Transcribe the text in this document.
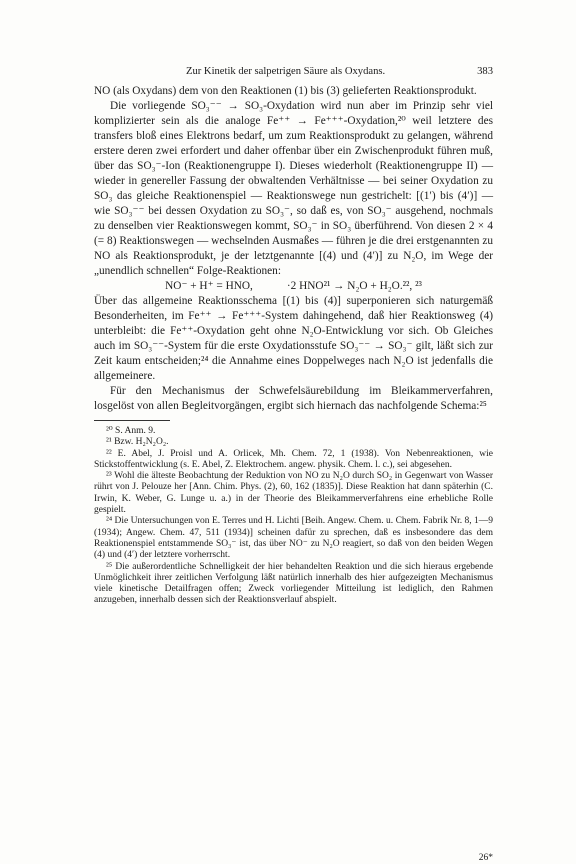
Zur Kinetik der salpetrigen Säure als Oxydans.	383

NO (als Oxydans) dem von den Reaktionen (1) bis (3) gelieferten Reaktionsprodukt.

Die vorliegende SO₃⁻⁻ → SO₃-Oxydation wird nun aber im Prinzip sehr viel komplizierter sein als die analoge Fe⁺⁺ → Fe⁺⁺⁺-Oxydation,²⁰ weil letztere des transfers bloß eines Elektrons bedarf, um zum Reaktionsprodukt zu gelangen, während erstere deren zwei erfordert und daher offenbar über ein Zwischenprodukt führen muß, über das SO₃⁻-Ion (Reaktionengruppe I). Dieses wiederholt (Reaktionengruppe II) — wieder in genereller Fassung der obwaltenden Verhältnisse — bei seiner Oxydation zu SO₃ das gleiche Reaktionenspiel — Reaktionswege nun gestrichelt: [(1′) bis (4′)] — wie SO₃⁻⁻ bei dessen Oxydation zu SO₃⁻, so daß es, von SO₃⁻ ausgehend, nochmals zu denselben vier Reaktionswegen kommt, SO₃⁻ in SO₃ überführend. Von diesen 2 × 4 (= 8) Reaktionswegen — wechselnden Ausmaßes — führen je die drei erstgenannten zu NO als Reaktionsprodukt, je der letztgenannte [(4) und (4′)] zu N₂O, im Wege der „unendlich schnellen“ Folge-Reaktionen:

NO⁻ + H⁺ = HNO,	·2 HNO²¹ → N₂O + H₂O.²², ²³

Über das allgemeine Reaktionsschema [(1) bis (4)] superponieren sich naturgemäß Besonderheiten, im Fe⁺⁺ → Fe⁺⁺⁺-System dahingehend, daß hier Reaktionsweg (4) unterbleibt: die Fe⁺⁺-Oxydation geht ohne N₂O-Entwicklung vor sich. Ob Gleiches auch im SO₃⁻⁻-System für die erste Oxydationsstufe SO₃⁻⁻ → SO₃⁻ gilt, läßt sich zur Zeit kaum entscheiden;²⁴ die Annahme eines Doppelweges nach N₂O ist jedenfalls die allgemeinere.

Für den Mechanismus der Schwefelsäurebildung im Bleikammerverfahren, losgelöst von allen Begleitvorgängen, ergibt sich hiernach das nachfolgende Schema:²⁵

²⁰ S. Anm. 9.

²¹ Bzw. H₂N₂O₂.

²² E. Abel, J. Proisl und A. Orlicek, Mh. Chem. 72, 1 (1938). Von Nebenreaktionen, wie Stickstoffentwicklung (s. E. Abel, Z. Elektrochem. angew. physik. Chem. l. c.), sei abgesehen.

²³ Wohl die älteste Beobachtung der Reduktion von NO zu N₂O durch SO₂ in Gegenwart von Wasser rührt von J. Pelouze her [Ann. Chim. Phys. (2), 60, 162 (1835)]. Diese Reaktion hat dann späterhin (C. Irwin, K. Weber, G. Lunge u. a.) in der Theorie des Bleikammerverfahrens eine erhebliche Rolle gespielt.

²⁴ Die Untersuchungen von E. Terres und H. Lichti [Beih. Angew. Chem. u. Chem. Fabrik Nr. 8, 1—9 (1934); Angew. Chem. 47, 511 (1934)] scheinen dafür zu sprechen, daß es insbesondere das dem Reaktionenspiel entstammende SO₃⁻ ist, das über NO⁻ zu N₂O reagiert, so daß von den beiden Wegen (4) und (4′) der letztere vorherrscht.

²⁵ Die außerordentliche Schnelligkeit der hier behandelten Reaktion und die sich hieraus ergebende Unmöglichkeit ihrer zeitlichen Verfolgung läßt natürlich innerhalb des hier aufgezeigten Mechanismus viele kinetische Detailfragen offen; Zweck vorliegender Mitteilung ist lediglich, den Rahmen anzugeben, innerhalb dessen sich der Reaktionsverlauf abspielt.

26*
